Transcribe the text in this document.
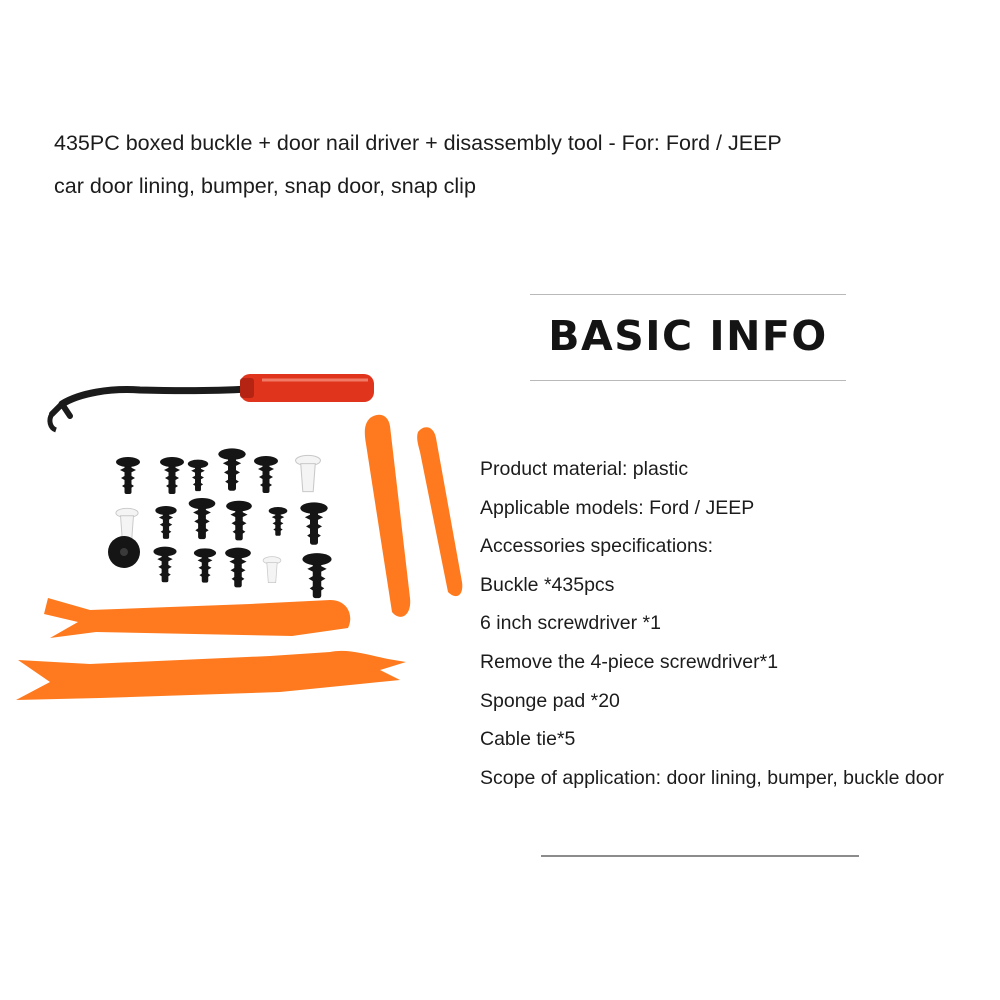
435PC boxed buckle + door nail driver + disassembly tool - For: Ford / JEEP
car door lining, bumper, snap door, snap clip
BASIC INFO
Product material: plastic
Applicable models: Ford / JEEP
Accessories specifications:
Buckle *435pcs
6 inch screwdriver *1
Remove the 4-piece screwdriver*1
Sponge pad *20
Cable tie*5
Scope of application: door lining, bumper, buckle door
